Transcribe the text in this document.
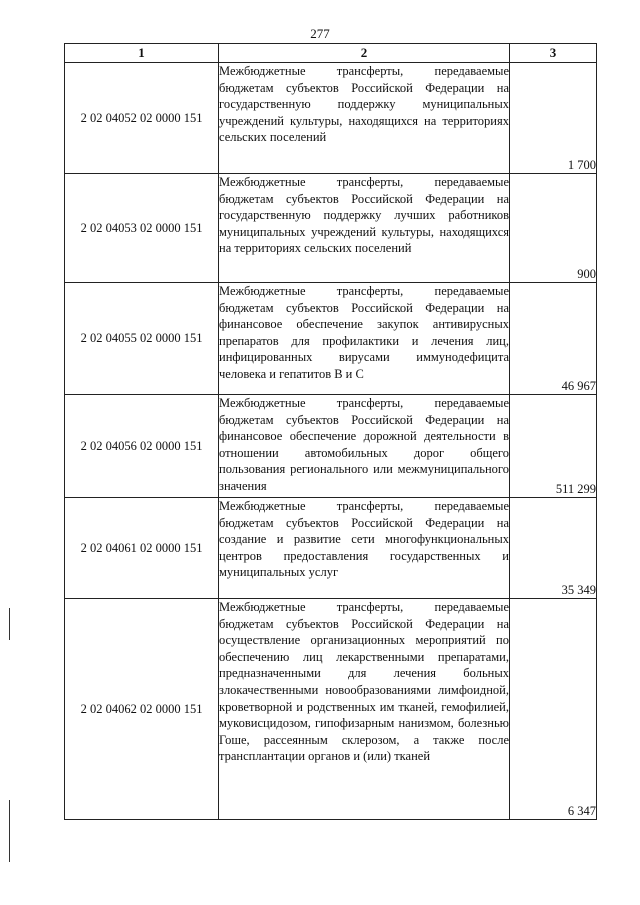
277
1	2	3
2 02 04052 02 0000 151	Межбюджетные трансферты, передаваемые бюджетам субъектов Российской Федерации на государственную поддержку муниципальных учреждений культуры, находящихся на территориях сельских поселений	1 700
2 02 04053 02 0000 151	Межбюджетные трансферты, передаваемые бюджетам субъектов Российской Федерации на государственную поддержку лучших работников муниципальных учреждений культуры, находящихся на территориях сельских поселений	900
2 02 04055 02 0000 151	Межбюджетные трансферты, передаваемые бюджетам субъектов Российской Федерации на финансовое обеспечение закупок антивирусных препаратов для профилактики и лечения лиц, инфицированных вирусами иммунодефицита человека и гепатитов В и С	46 967
2 02 04056 02 0000 151	Межбюджетные трансферты, передаваемые бюджетам субъектов Российской Федерации на финансовое обеспечение дорожной деятельности в отношении автомобильных дорог общего пользования регионального или межмуниципального значения	511 299
2 02 04061 02 0000 151	Межбюджетные трансферты, передаваемые бюджетам субъектов Российской Федерации на создание и развитие сети многофункциональных центров предоставления государственных и муниципальных услуг	35 349
2 02 04062 02 0000 151	Межбюджетные трансферты, передаваемые бюджетам субъектов Российской Федерации на осуществление организационных мероприятий по обеспечению лиц лекарственными препаратами, предназначенными для лечения больных злокачественными новообразованиями лимфоидной, кроветворной и родственных им тканей, гемофилией, муковисцидозом, гипофизарным нанизмом, болезнью Гоше, рассеянным склерозом, а также после трансплантации органов и (или) тканей	6 347
